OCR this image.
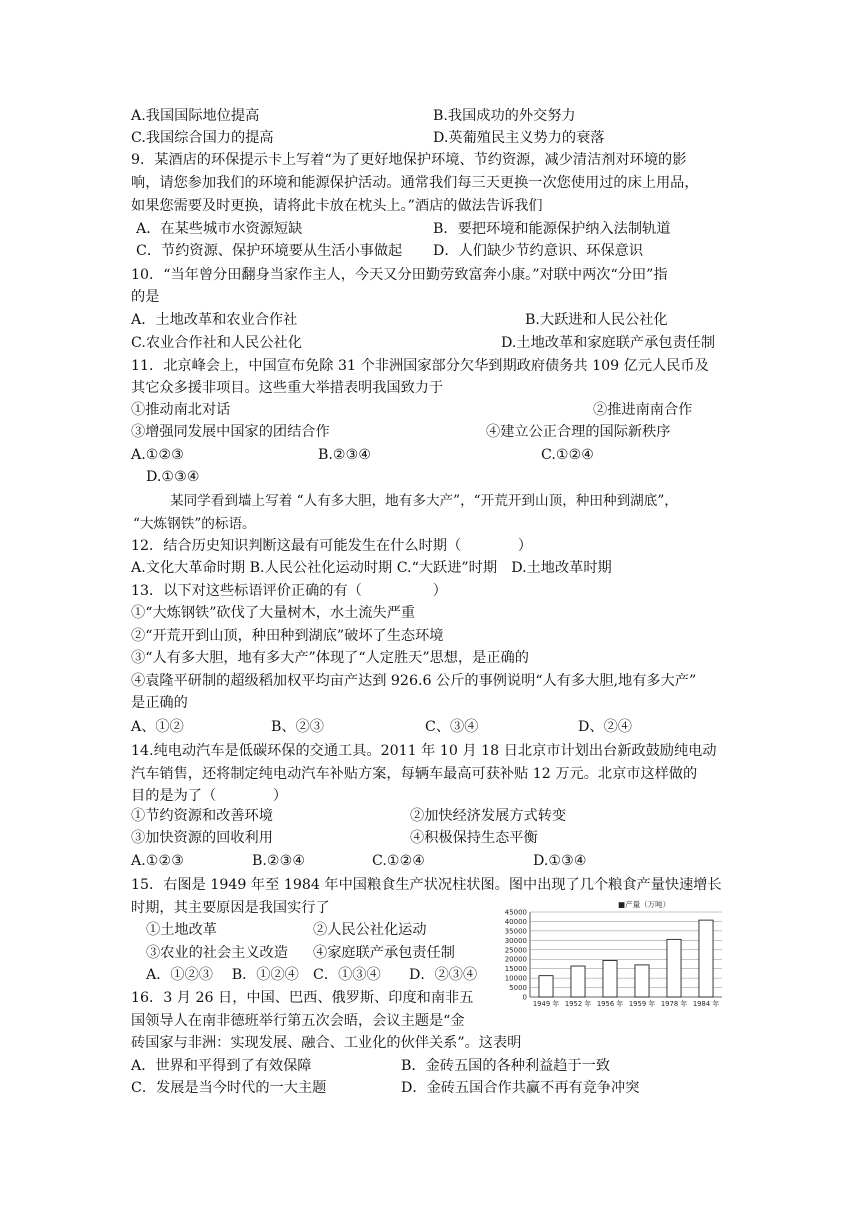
A.我国国际地位提高	B.我国成功的外交努力
C.我国综合国力的提高	D.英葡殖民主义势力的衰落
9．某酒店的环保提示卡上写着“为了更好地保护环境、节约资源，减少清洁剂对环境的影
响，请您参加我们的环境和能源保护活动。通常我们每三天更换一次您使用过的床上用品，
如果您需要及时更换，请将此卡放在枕头上。”酒店的做法告诉我们
A．在某些城市水资源短缺	B．要把环境和能源保护纳入法制轨道
C．节约资源、保护环境要从生活小事做起 D．人们缺少节约意识、环保意识
10．“当年曾分田翻身当家作主人，今天又分田勤劳致富奔小康。”对联中两次“分田”指
的是
A．土地改革和农业合作社	B.大跃进和人民公社化
C.农业合作社和人民公社化	D.土地改革和家庭联产承包责任制
11．北京峰会上，中国宣布免除 31 个非洲国家部分欠华到期政府债务共 109 亿元人民币及
其它众多援非项目。这些重大举措表明我国致力于
①推动南北对话	②推进南南合作
③增强同发展中国家的团结合作	④建立公正合理的国际新秩序
A.①②③	B.②③④	C.①②④
D.①③④
某同学看到墙上写着 “人有多大胆，地有多大产”，“开荒开到山顶，种田种到湖底”，
“大炼钢铁”的标语。
12．结合历史知识判断这最有可能发生在什么时期（　　　　）
A.文化大革命时期 B.人民公社化运动时期 C.“大跃进”时期　D.土地改革时期
13．以下对这些标语评价正确的有（　　　　　）
①“大炼钢铁”砍伐了大量树木，水土流失严重
②“开荒开到山顶，种田种到湖底”破坏了生态环境
③“人有多大胆，地有多大产”体现了“人定胜天”思想，是正确的
④袁隆平研制的超级稻加权平均亩产达到 926.6 公斤的事例说明“人有多大胆,地有多大产”
是正确的
A、①②	B、②③	C、③④	D、②④
14.纯电动汽车是低碳环保的交通工具。2011 年 10 月 18 日北京市计划出台新政鼓励纯电动
汽车销售，还将制定纯电动汽车补贴方案，每辆车最高可获补贴 12 万元。北京市这样做的
目的是为了（　　　　）
①节约资源和改善环境	②加快经济发展方式转变
③加快资源的回收利用	④积极保持生态平衡
A.①②③	B.②③④	C.①②④	D.①③④
15．右图是 1949 年至 1984 年中国粮食生产状况柱状图。图中出现了几个粮食产量快速增长
时期，其主要原因是我国实行了
①土地改革	②人民公社化运动
③农业的社会主义改造 ④家庭联产承包责任制
A．①②③　 B．①②④　C．①③④　　D．②③④
■产量（万吨）
45000
40000
35000
30000
25000
20000
15000
10000
5000
0
1949 年 1952 年 1956 年 1959 年 1978 年 1984 年
16．3 月 26 日，中国、巴西、俄罗斯、印度和南非五
国领导人在南非德班举行第五次会晤，会议主题是“金
砖国家与非洲：实现发展、融合、工业化的伙伴关系”。这表明
A．世界和平得到了有效保障	B．金砖五国的各种利益趋于一致
C．发展是当今时代的一大主题	D．金砖五国合作共赢不再有竞争冲突
